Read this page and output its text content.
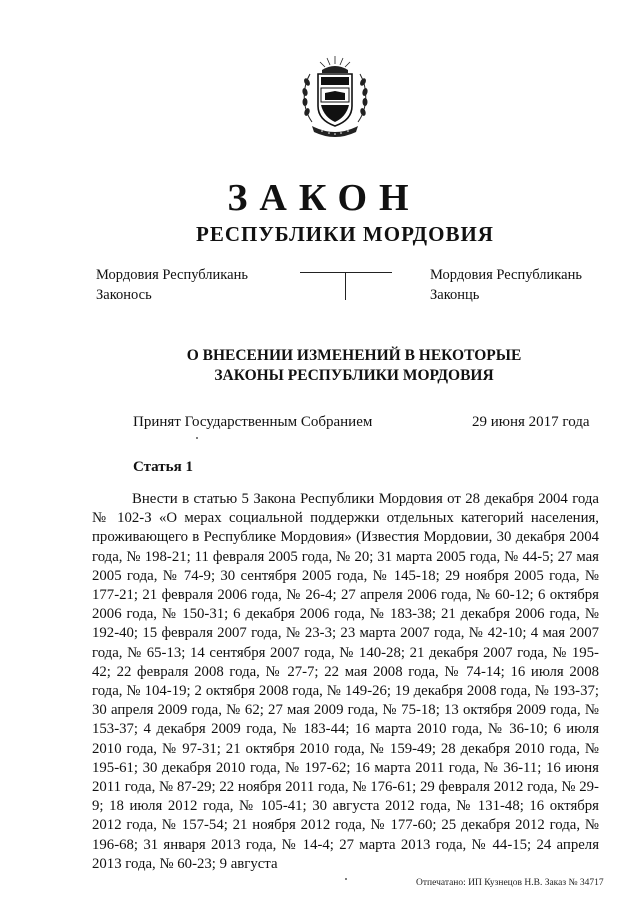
ЗАКОН
РЕСПУБЛИКИ МОРДОВИЯ
Мордовия Республикань
Законось
Мордовия Республикань
Законць
О ВНЕСЕНИИ ИЗМЕНЕНИЙ В НЕКОТОРЫЕ
ЗАКОНЫ РЕСПУБЛИКИ МОРДОВИЯ
Принят Государственным Собранием	29 июня 2017 года
Статья 1

Внести в статью 5 Закона Республики Мордовия от 28 декабря 2004 года № 102-З «О мерах социальной поддержки отдельных категорий населения, проживающего в Республике Мордовия» (Известия Мордовии, 30 декабря 2004 года, № 198-21; 11 февраля 2005 года, № 20; 31 марта 2005 года, № 44-5; 27 мая 2005 года, № 74-9; 30 сентября 2005 года, № 145-18; 29 ноября 2005 года, № 177-21; 21 февраля 2006 года, № 26-4; 27 апреля 2006 года, № 60-12; 6 октября 2006 года, № 150-31; 6 декабря 2006 года, № 183-38; 21 декабря 2006 года, № 192-40; 15 февраля 2007 года, № 23-3; 23 марта 2007 года, № 42-10; 4 мая 2007 года, № 65-13; 14 сентября 2007 года, № 140-28; 21 декабря 2007 года, № 195-42; 22 февраля 2008 года, № 27-7; 22 мая 2008 года, № 74-14; 16 июля 2008 года, № 104-19; 2 октября 2008 года, № 149-26; 19 декабря 2008 года, № 193-37; 30 апреля 2009 года, № 62; 27 мая 2009 года, № 75-18; 13 октября 2009 года, № 153-37; 4 декабря 2009 года, № 183-44; 16 марта 2010 года, № 36-10; 6 июля 2010 года, № 97-31; 21 октября 2010 года, № 159-49; 28 декабря 2010 года, № 195-61; 30 декабря 2010 года, № 197-62; 16 марта 2011 года, № 36-11; 16 июня 2011 года, № 87-29; 22 ноября 2011 года, № 176-61; 29 февраля 2012 года, № 29-9; 18 июля 2012 года, № 105-41; 30 августа 2012 года, № 131-48; 16 октября 2012 года, № 157-54; 21 ноября 2012 года, № 177-60; 25 декабря 2012 года, № 196-68; 31 января 2013 года, № 14-4; 27 марта 2013 года, № 44-15; 24 апреля 2013 года, № 60-23; 9 августа

Отпечатано: ИП Кузнецов Н.В. Заказ № 34717
